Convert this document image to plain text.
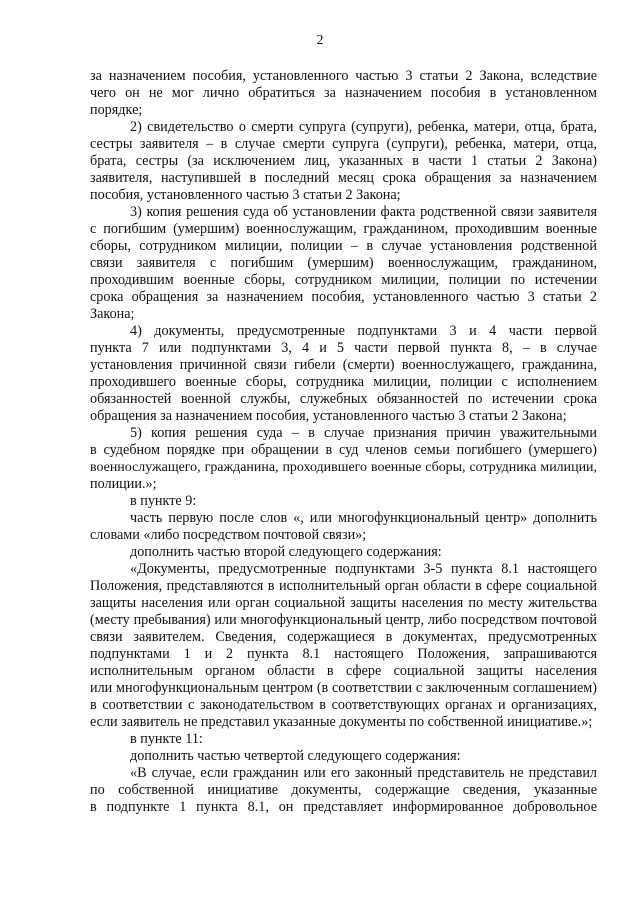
2
за назначением пособия, установленного частью 3 статьи 2 Закона, вследствие
чего он не мог лично обратиться за назначением пособия в установленном
порядке;
2) свидетельство о смерти супруга (супруги), ребенка, матери, отца, брата,
сестры заявителя – в случае смерти супруга (супруги), ребенка, матери, отца,
брата, сестры (за исключением лиц, указанных в части 1 статьи 2 Закона)
заявителя, наступившей в последний месяц срока обращения за назначением
пособия, установленного частью 3 статьи 2 Закона;
3) копия решения суда об установлении факта родственной связи заявителя
с погибшим (умершим) военнослужащим, гражданином, проходившим военные
сборы, сотрудником милиции, полиции – в случае установления родственной
связи заявителя с погибшим (умершим) военнослужащим, гражданином,
проходившим военные сборы, сотрудником милиции, полиции по истечении
срока обращения за назначением пособия, установленного частью 3 статьи 2
Закона;
4) документы, предусмотренные подпунктами 3 и 4 части первой
пункта 7 или подпунктами 3, 4 и 5 части первой пункта 8, – в случае
установления причинной связи гибели (смерти) военнослужащего, гражданина,
проходившего военные сборы, сотрудника милиции, полиции с исполнением
обязанностей военной службы, служебных обязанностей по истечении срока
обращения за назначением пособия, установленного частью 3 статьи 2 Закона;
5) копия решения суда – в случае признания причин уважительными
в судебном порядке при обращении в суд членов семьи погибшего (умершего)
военнослужащего, гражданина, проходившего военные сборы, сотрудника милиции,
полиции.»;
в пункте 9:
часть первую после слов «, или многофункциональный центр» дополнить
словами «либо посредством почтовой связи»;
дополнить частью второй следующего содержания:
«Документы, предусмотренные подпунктами 3-5 пункта 8.1 настоящего
Положения, представляются в исполнительный орган области в сфере социальной
защиты населения или орган социальной защиты населения по месту жительства
(месту пребывания) или многофункциональный центр, либо посредством почтовой
связи заявителем. Сведения, содержащиеся в документах, предусмотренных
подпунктами 1 и 2 пункта 8.1 настоящего Положения, запрашиваются
исполнительным органом области в сфере социальной защиты населения
или многофункциональным центром (в соответствии с заключенным соглашением)
в соответствии с законодательством в соответствующих органах и организациях,
если заявитель не представил указанные документы по собственной инициативе.»;
в пункте 11:
дополнить частью четвертой следующего содержания:
«В случае, если гражданин или его законный представитель не представил
по собственной инициативе документы, содержащие сведения, указанные
в подпункте 1 пункта 8.1, он представляет информированное добровольное
